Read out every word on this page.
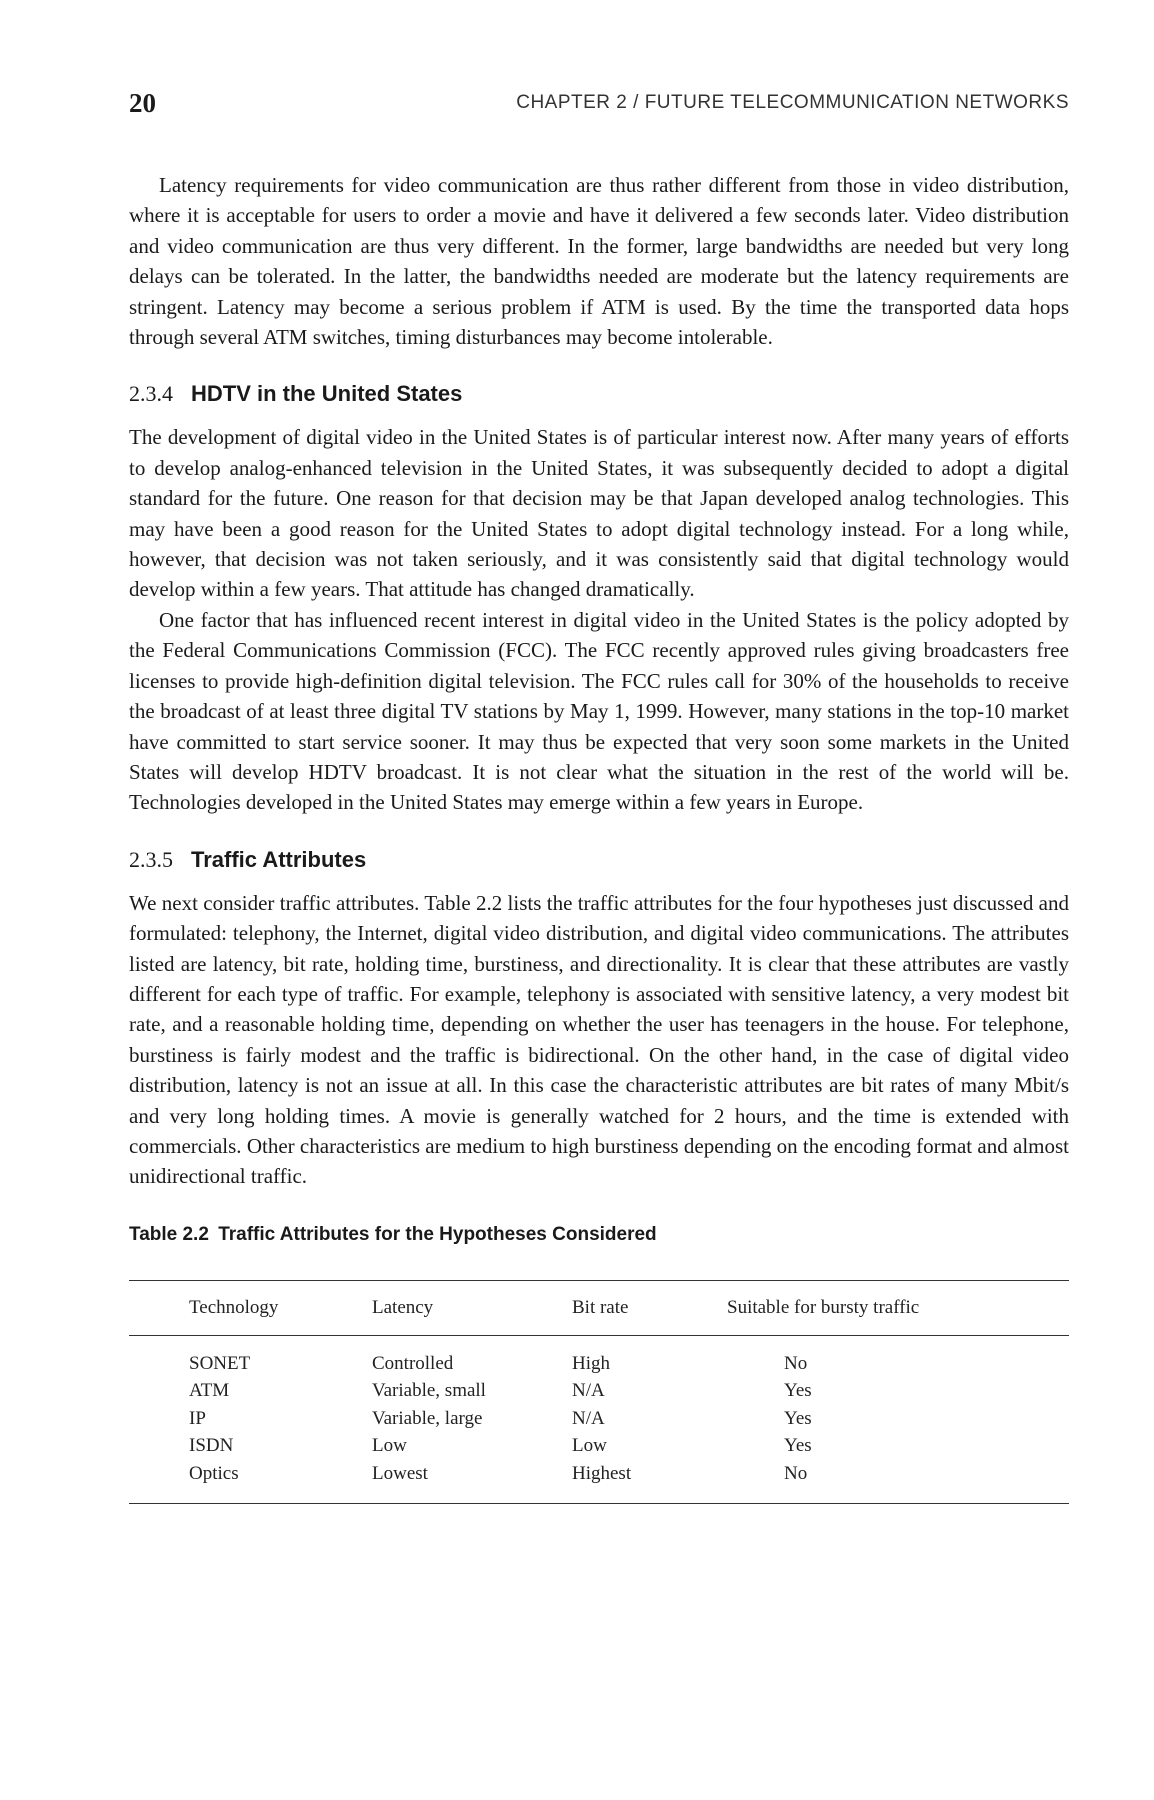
20	CHAPTER 2 / FUTURE TELECOMMUNICATION NETWORKS

Latency requirements for video communication are thus rather different from those in video distribution, where it is acceptable for users to order a movie and have it delivered a few seconds later. Video distribution and video communication are thus very different. In the former, large bandwidths are needed but very long delays can be tolerated. In the latter, the bandwidths needed are moderate but the latency requirements are stringent. Latency may become a serious problem if ATM is used. By the time the transported data hops through several ATM switches, timing disturbances may become intolerable.

2.3.4 HDTV in the United States

The development of digital video in the United States is of particular interest now. After many years of efforts to develop analog-enhanced television in the United States, it was subsequently decided to adopt a digital standard for the future. One reason for that decision may be that Japan developed analog technologies. This may have been a good reason for the United States to adopt digital technology instead. For a long while, however, that decision was not taken seriously, and it was consistently said that digital technology would develop within a few years. That attitude has changed dramatically.

One factor that has influenced recent interest in digital video in the United States is the policy adopted by the Federal Communications Commission (FCC). The FCC recently approved rules giving broadcasters free licenses to provide high-definition digital television. The FCC rules call for 30% of the households to receive the broadcast of at least three digital TV stations by May 1, 1999. However, many stations in the top-10 market have committed to start service sooner. It may thus be expected that very soon some markets in the United States will develop HDTV broadcast. It is not clear what the situation in the rest of the world will be. Technologies developed in the United States may emerge within a few years in Europe.

2.3.5 Traffic Attributes

We next consider traffic attributes. Table 2.2 lists the traffic attributes for the four hypotheses just discussed and formulated: telephony, the Internet, digital video distribution, and digital video communications. The attributes listed are latency, bit rate, holding time, burstiness, and directionality. It is clear that these attributes are vastly different for each type of traffic. For example, telephony is associated with sensitive latency, a very modest bit rate, and a reasonable holding time, depending on whether the user has teenagers in the house. For telephone, burstiness is fairly modest and the traffic is bidirectional. On the other hand, in the case of digital video distribution, latency is not an issue at all. In this case the characteristic attributes are bit rates of many Mbit/s and very long holding times. A movie is generally watched for 2 hours, and the time is extended with commercials. Other characteristics are medium to high burstiness depending on the encoding format and almost unidirectional traffic.

Table 2.2 Traffic Attributes for the Hypotheses Considered
Technology	Latency	Bit rate	Suitable for bursty traffic
SONET	Controlled	High	No
ATM	Variable, small	N/A	Yes
IP	Variable, large	N/A	Yes
ISDN	Low	Low	Yes
Optics	Lowest	Highest	No
